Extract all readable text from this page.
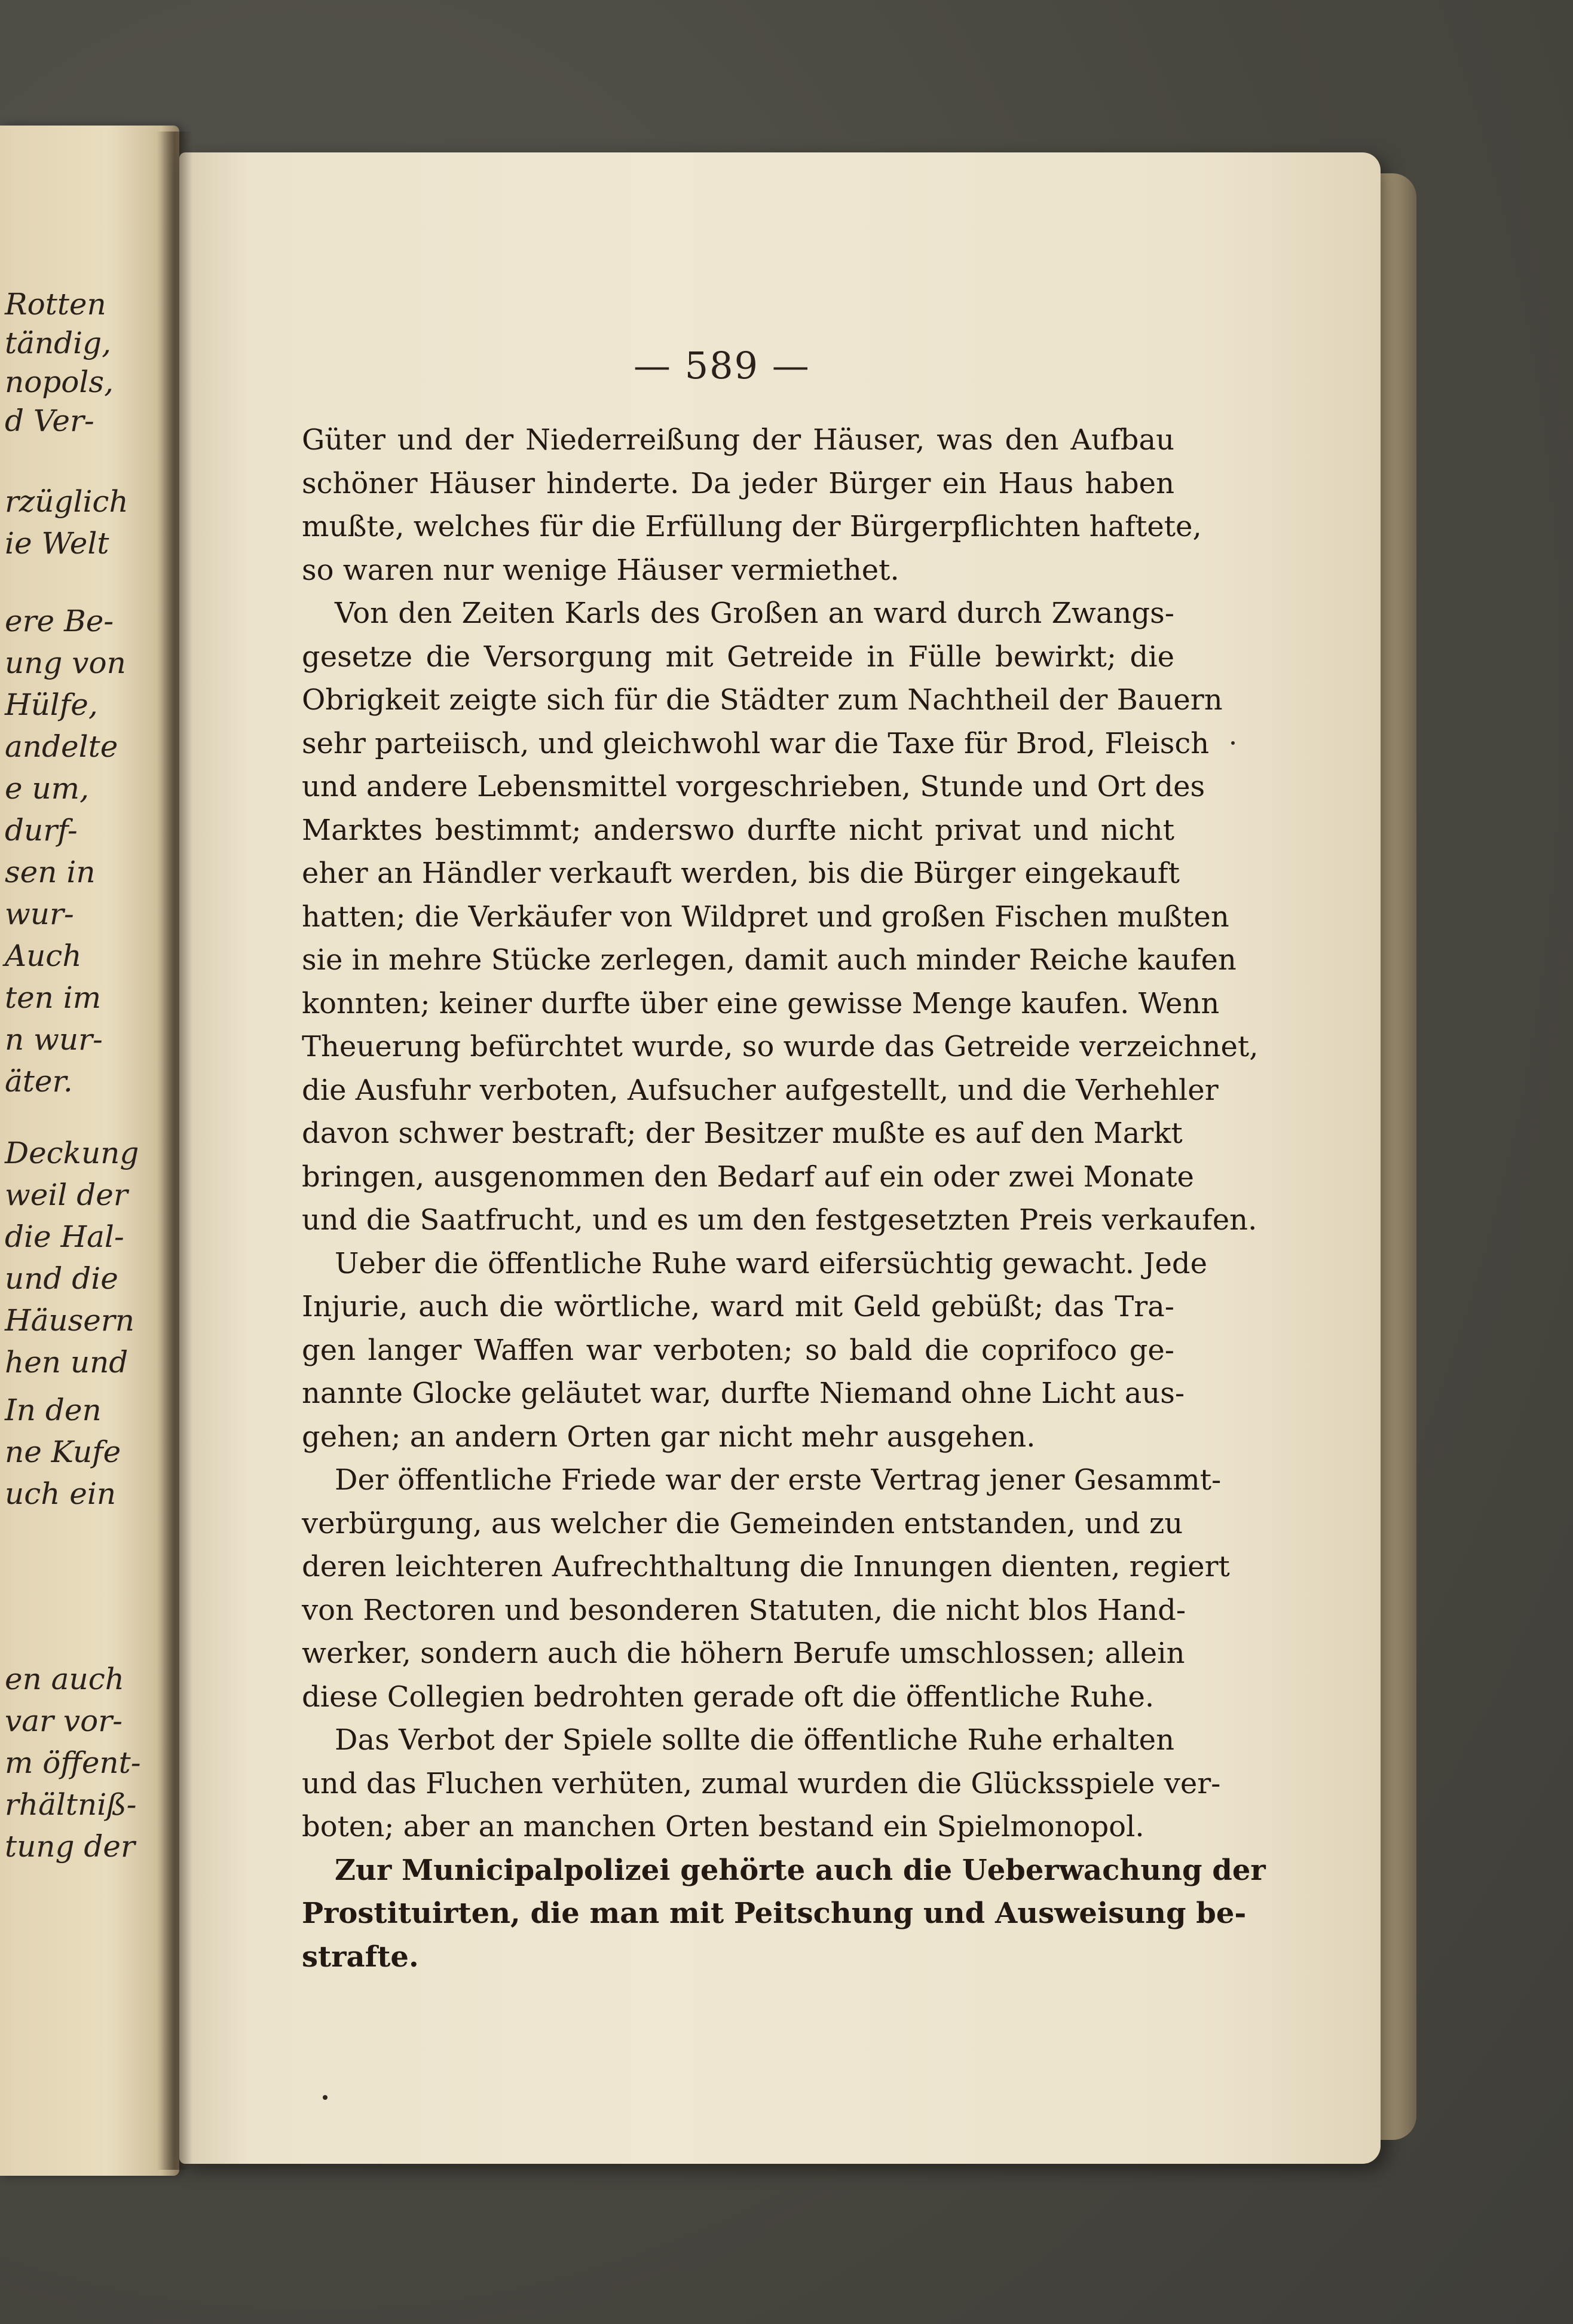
Rotten
tändig,
nopols,
d Ver-
rzüglich
ie Welt
ere Be-
ung von
Hülfe,
andelte
e um,
durf-
sen in
wur-
Auch
ten im
n wur-
äter.
Deckung
weil der
die Hal-
und die
Häusern
hen und
In den
ne Kufe
uch ein
en auch
var vor-
m öffent-
rhältniß-
tung der
— 589 —
Güter und der Niederreißung der Häuser, was den Aufbau
schöner Häuser hinderte. Da jeder Bürger ein Haus haben
mußte, welches für die Erfüllung der Bürgerpflichten haftete,
so waren nur wenige Häuser vermiethet.
Von den Zeiten Karls des Großen an ward durch Zwangs-
gesetze die Versorgung mit Getreide in Fülle bewirkt; die
Obrigkeit zeigte sich für die Städter zum Nachtheil der Bauern
sehr parteiisch, und gleichwohl war die Taxe für Brod, Fleisch
und andere Lebensmittel vorgeschrieben, Stunde und Ort des
Marktes bestimmt; anderswo durfte nicht privat und nicht
eher an Händler verkauft werden, bis die Bürger eingekauft
hatten; die Verkäufer von Wildpret und großen Fischen mußten
sie in mehre Stücke zerlegen, damit auch minder Reiche kaufen
konnten; keiner durfte über eine gewisse Menge kaufen. Wenn
Theuerung befürchtet wurde, so wurde das Getreide verzeichnet,
die Ausfuhr verboten, Aufsucher aufgestellt, und die Verhehler
davon schwer bestraft; der Besitzer mußte es auf den Markt
bringen, ausgenommen den Bedarf auf ein oder zwei Monate
und die Saatfrucht, und es um den festgesetzten Preis verkaufen.
Ueber die öffentliche Ruhe ward eifersüchtig gewacht. Jede
Injurie, auch die wörtliche, ward mit Geld gebüßt; das Tra-
gen langer Waffen war verboten; so bald die coprifoco ge-
nannte Glocke geläutet war, durfte Niemand ohne Licht aus-
gehen; an andern Orten gar nicht mehr ausgehen.
Der öffentliche Friede war der erste Vertrag jener Gesammt-
verbürgung, aus welcher die Gemeinden entstanden, und zu
deren leichteren Aufrechthaltung die Innungen dienten, regiert
von Rectoren und besonderen Statuten, die nicht blos Hand-
werker, sondern auch die höhern Berufe umschlossen; allein
diese Collegien bedrohten gerade oft die öffentliche Ruhe.
Das Verbot der Spiele sollte die öffentliche Ruhe erhalten
und das Fluchen verhüten, zumal wurden die Glücksspiele ver-
boten; aber an manchen Orten bestand ein Spielmonopol.
Zur Municipalpolizei gehörte auch die Ueberwachung der
Prostituirten, die man mit Peitschung und Ausweisung be-
strafte.
